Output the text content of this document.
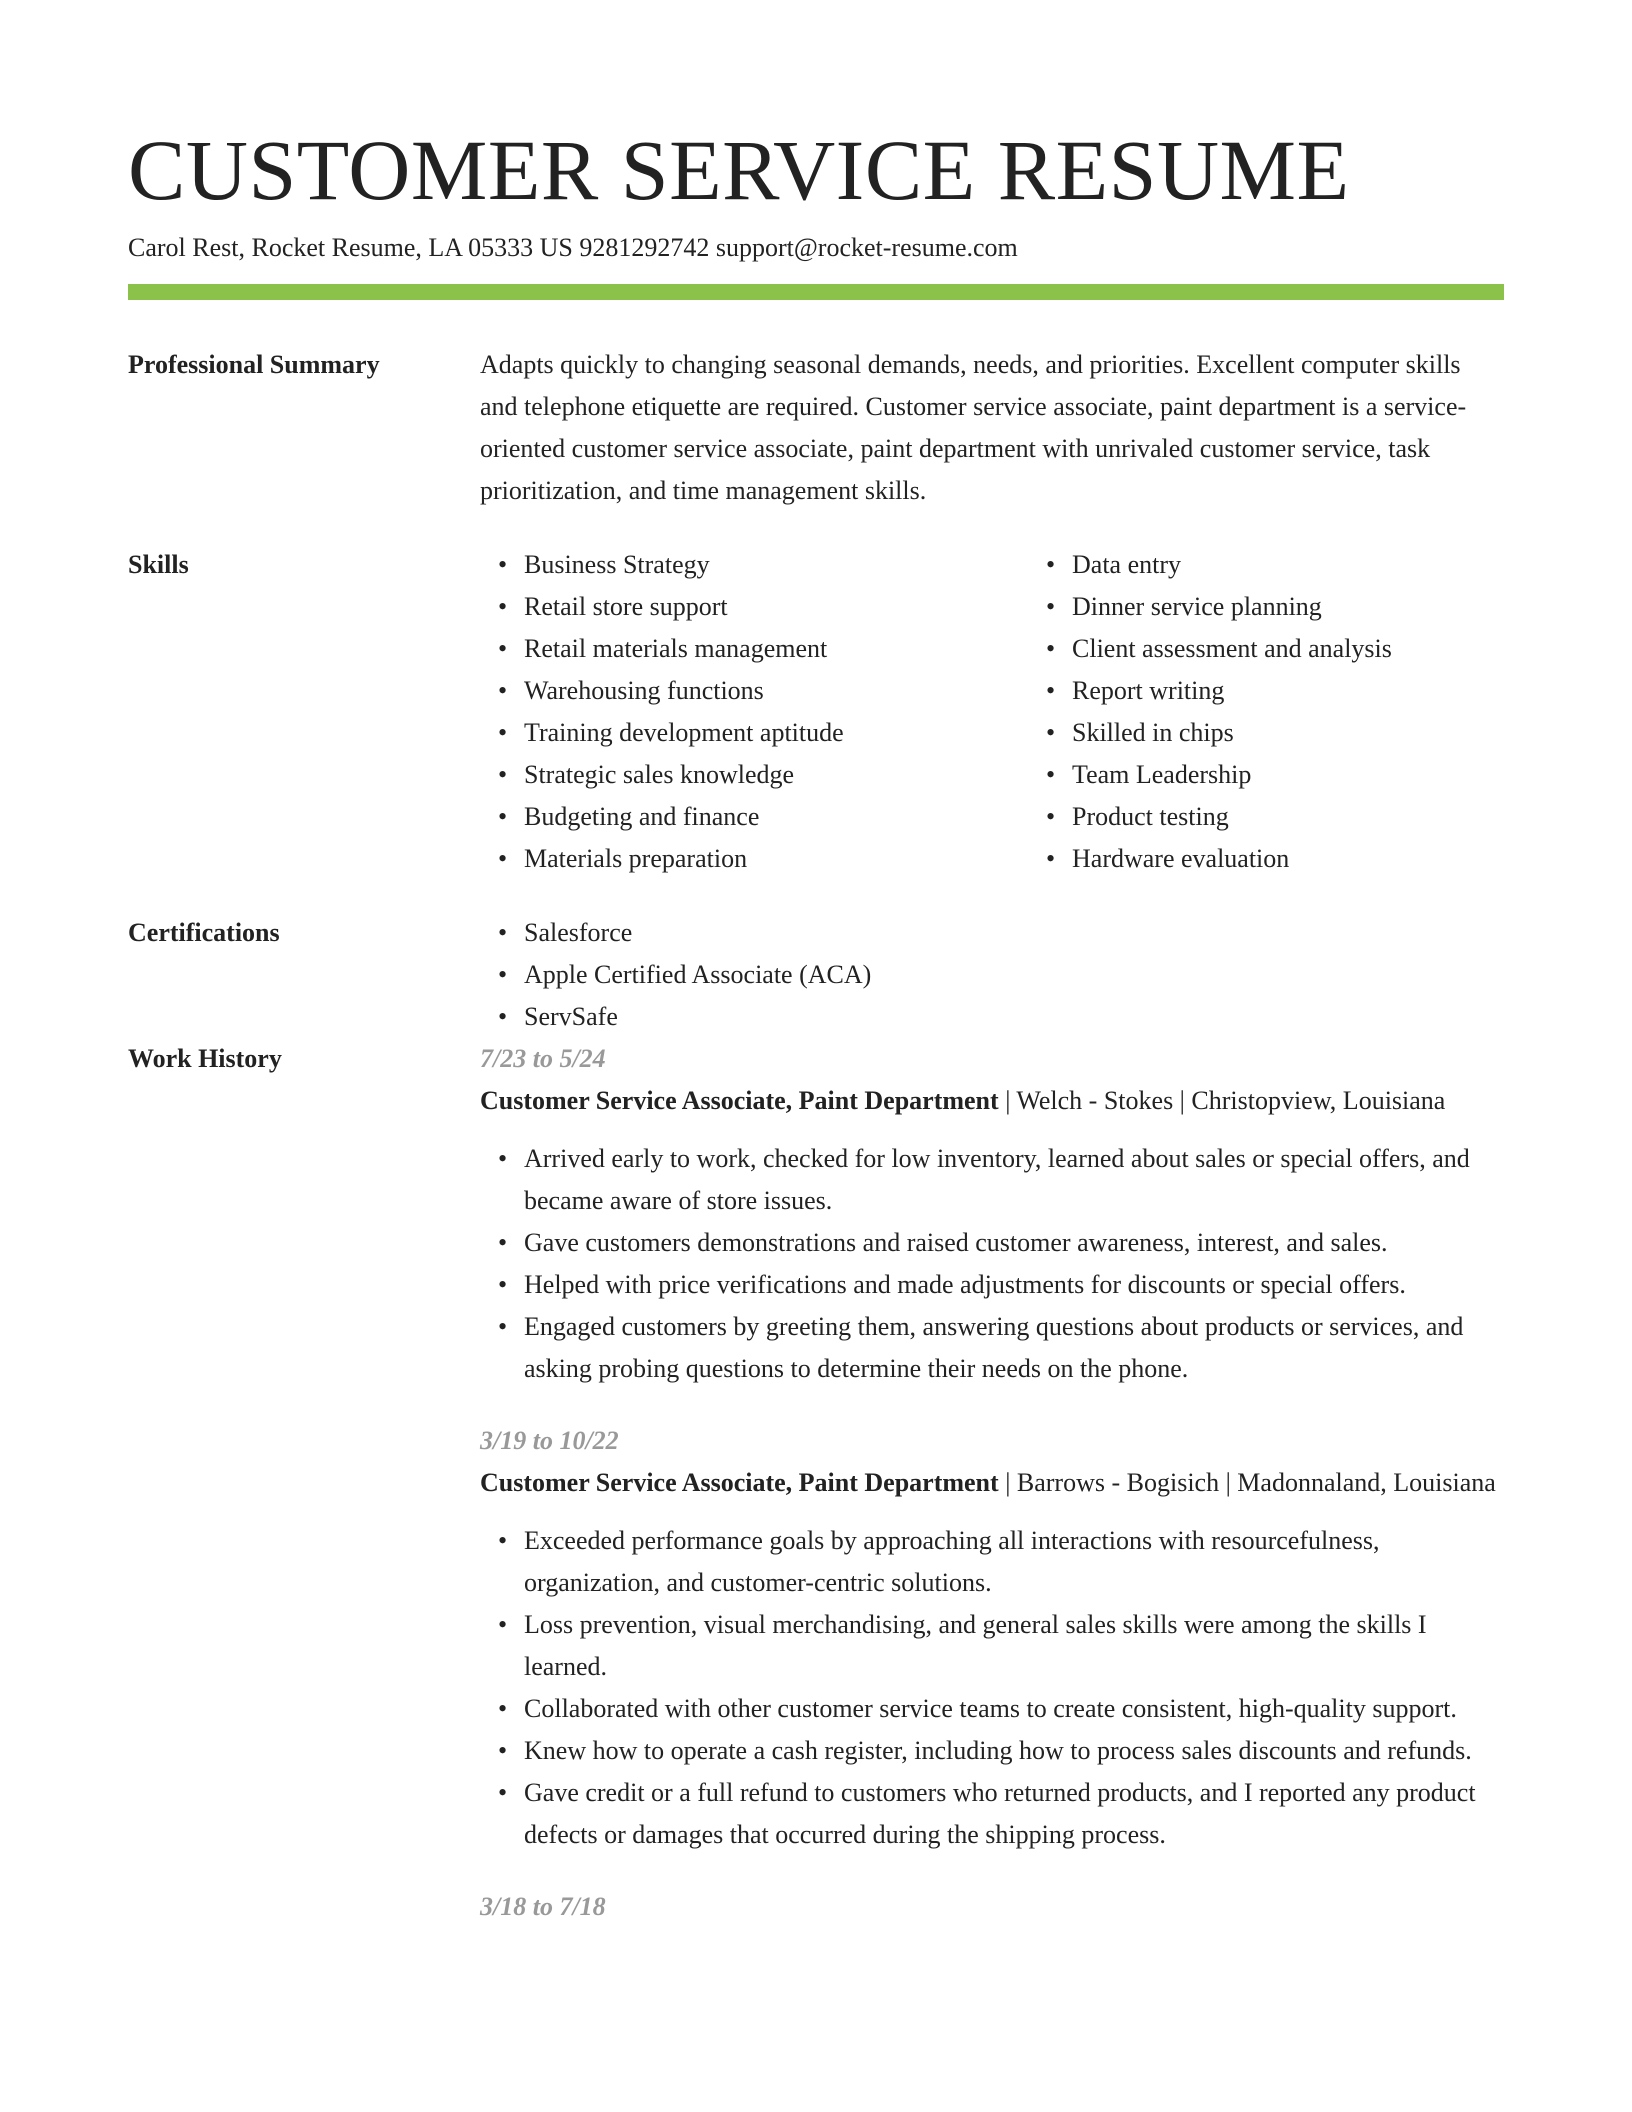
CUSTOMER SERVICE RESUME
Carol Rest, Rocket Resume, LA 05333 US 9281292742 support@rocket-resume.com
Professional Summary	Adapts quickly to changing seasonal demands, needs, and priorities. Excellent computer skills and telephone etiquette are required. Customer service associate, paint department is a service-oriented customer service associate, paint department with unrivaled customer service, task prioritization, and time management skills.

Skills	• Business Strategy
• Retail store support
• Retail materials management
• Warehousing functions
• Training development aptitude
• Strategic sales knowledge
• Budgeting and finance
• Materials preparation
• Data entry
• Dinner service planning
• Client assessment and analysis
• Report writing
• Skilled in chips
• Team Leadership
• Product testing
• Hardware evaluation
Certifications	• Salesforce
• Apple Certified Associate (ACA)
• ServSafe
Work History	7/23 to 5/24
Customer Service Associate, Paint Department | Welch - Stokes | Christopview, Louisiana
• Arrived early to work, checked for low inventory, learned about sales or special offers, and became aware of store issues.
• Gave customers demonstrations and raised customer awareness, interest, and sales.
• Helped with price verifications and made adjustments for discounts or special offers.
• Engaged customers by greeting them, answering questions about products or services, and asking probing questions to determine their needs on the phone.
3/19 to 10/22
Customer Service Associate, Paint Department | Barrows - Bogisich | Madonnaland, Louisiana
• Exceeded performance goals by approaching all interactions with resourcefulness, organization, and customer-centric solutions.
• Loss prevention, visual merchandising, and general sales skills were among the skills I learned.
• Collaborated with other customer service teams to create consistent, high-quality support.
• Knew how to operate a cash register, including how to process sales discounts and refunds.
• Gave credit or a full refund to customers who returned products, and I reported any product defects or damages that occurred during the shipping process.
3/18 to 7/18
